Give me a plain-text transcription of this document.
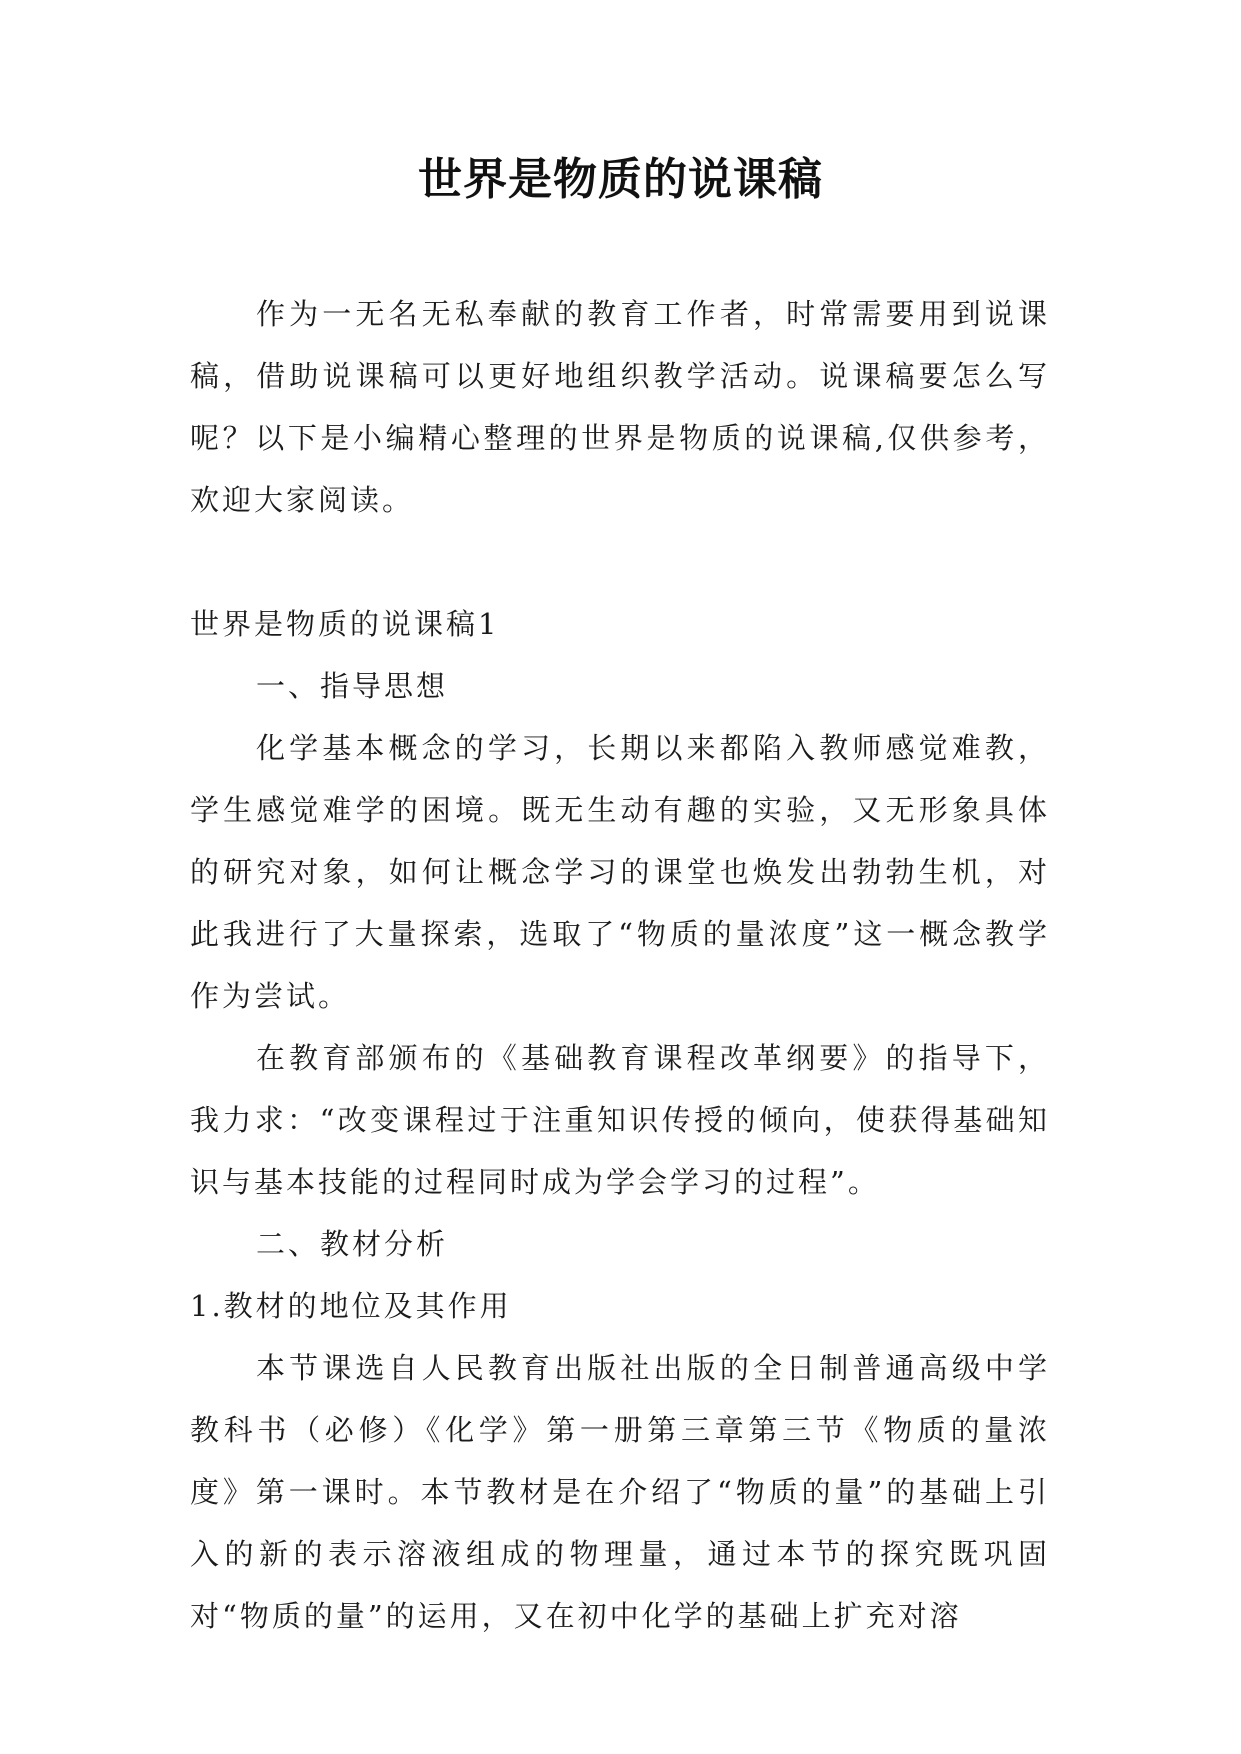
世界是物质的说课稿

作为一无名无私奉献的教育工作者，时常需要用到说课稿，借助说课稿可以更好地组织教学活动。说课稿要怎么写呢？以下是小编精心整理的世界是物质的说课稿,仅供参考，欢迎大家阅读。

世界是物质的说课稿1

一、指导思想

化学基本概念的学习，长期以来都陷入教师感觉难教，学生感觉难学的困境。既无生动有趣的实验，又无形象具体的研究对象，如何让概念学习的课堂也焕发出勃勃生机，对此我进行了大量探索，选取了“物质的量浓度”这一概念教学作为尝试。

在教育部颁布的《基础教育课程改革纲要》的指导下，我力求：“改变课程过于注重知识传授的倾向，使获得基础知识与基本技能的过程同时成为学会学习的过程”。

二、教材分析

1.教材的地位及其作用

本节课选自人民教育出版社出版的全日制普通高级中学教科书（必修）《化学》第一册第三章第三节《物质的量浓度》第一课时。本节教材是在介绍了“物质的量”的基础上引入的新的表示溶液组成的物理量，通过本节的探究既巩固对“物质的量”的运用，又在初中化学的基础上扩充对溶
